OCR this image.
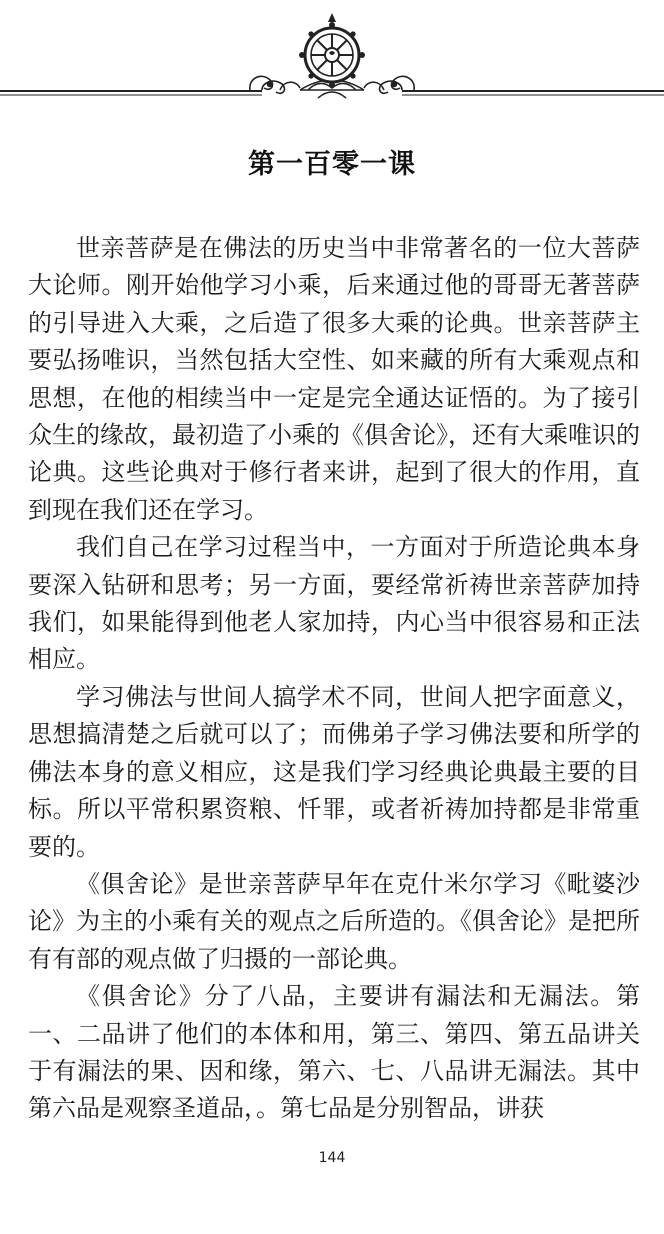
第一百零一课

世亲菩萨是在佛法的历史当中非常著名的一位大菩萨大论师。刚开始他学习小乘，后来通过他的哥哥无著菩萨的引导进入大乘，之后造了很多大乘的论典。世亲菩萨主要弘扬唯识，当然包括大空性、如来藏的所有大乘观点和思想，在他的相续当中一定是完全通达证悟的。为了接引众生的缘故，最初造了小乘的《俱舍论》，还有大乘唯识的论典。这些论典对于修行者来讲，起到了很大的作用，直到现在我们还在学习。

我们自己在学习过程当中，一方面对于所造论典本身要深入钻研和思考；另一方面，要经常祈祷世亲菩萨加持我们，如果能得到他老人家加持，内心当中很容易和正法相应。

学习佛法与世间人搞学术不同，世间人把字面意义，思想搞清楚之后就可以了；而佛弟子学习佛法要和所学的佛法本身的意义相应，这是我们学习经典论典最主要的目标。所以平常积累资粮、忏罪，或者祈祷加持都是非常重要的。

《俱舍论》是世亲菩萨早年在克什米尔学习《毗婆沙论》为主的小乘有关的观点之后所造的。《俱舍论》是把所有有部的观点做了归摄的一部论典。

《俱舍论》分了八品，主要讲有漏法和无漏法。第一、二品讲了他们的本体和用，第三、第四、第五品讲关于有漏法的果、因和缘，第六、七、八品讲无漏法。其中第六品是观察圣道品，。第七品是分别智品，讲获

144
